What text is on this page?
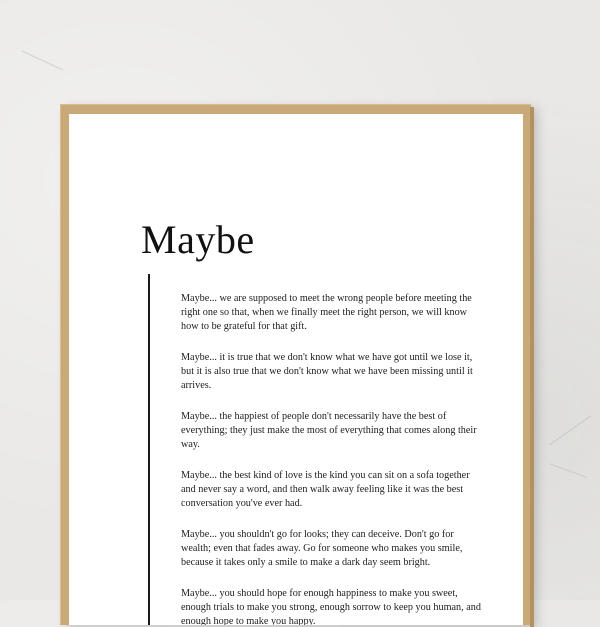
Maybe

Maybe... we are supposed to meet the wrong people before meeting the right one so that, when we finally meet the right person, we will know how to be grateful for that gift.

Maybe... it is true that we don't know what we have got until we lose it, but it is also true that we don't know what we have been missing until it arrives.

Maybe... the happiest of people don't necessarily have the best of everything; they just make the most of everything that comes along their way.

Maybe... the best kind of love is the kind you can sit on a sofa together and never say a word, and then walk away feeling like it was the best conversation you've ever had.

Maybe... you shouldn't go for looks; they can deceive. Don't go for wealth; even that fades away. Go for someone who makes you smile, because it takes only a smile to make a dark day seem bright.

Maybe... you should hope for enough happiness to make you sweet, enough trials to make you strong, enough sorrow to keep you human, and enough hope to make you happy.
